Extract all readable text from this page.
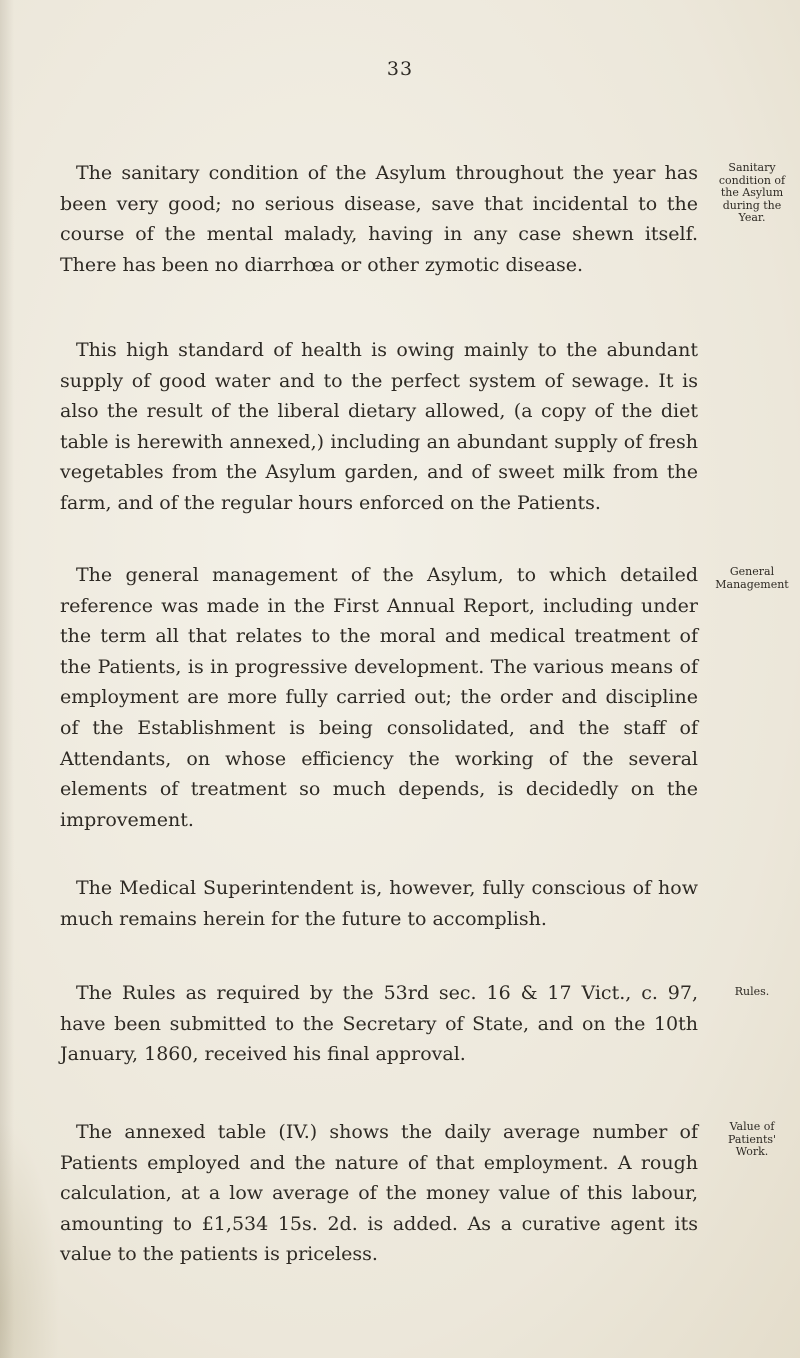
33

The sanitary condition of the Asylum throughout the year has been very good; no serious disease, save that incidental to the course of the mental malady, having in any case shewn itself. There has been no diarrhœa or other zymotic disease.

Sanitary
condition of
the Asylum
during the
Year.

This high standard of health is owing mainly to the abundant supply of good water and to the perfect system of sewage. It is also the result of the liberal dietary allowed, (a copy of the diet table is herewith annexed,) including an abundant supply of fresh vegetables from the Asylum garden, and of sweet milk from the farm, and of the regular hours enforced on the Patients.

The general management of the Asylum, to which detailed reference was made in the First Annual Report, including under the term all that relates to the moral and medical treatment of the Patients, is in progressive development. The various means of employment are more fully carried out; the order and discipline of the Establishment is being consolidated, and the staff of Attendants, on whose efficiency the working of the several elements of treatment so much depends, is decidedly on the improvement.

General
Management

The Medical Superintendent is, however, fully conscious of how much remains herein for the future to accomplish.

The Rules as required by the 53rd sec. 16 & 17 Vict., c. 97, have been submitted to the Secretary of State, and on the 10th January, 1860, received his final approval.

Rules.

The annexed table (IV.) shows the daily average number of Patients employed and the nature of that employment. A rough calculation, at a low average of the money value of this labour, amounting to £1,534 15s. 2d. is added. As a curative agent its value to the patients is priceless.

Value of
Patients'
Work.
